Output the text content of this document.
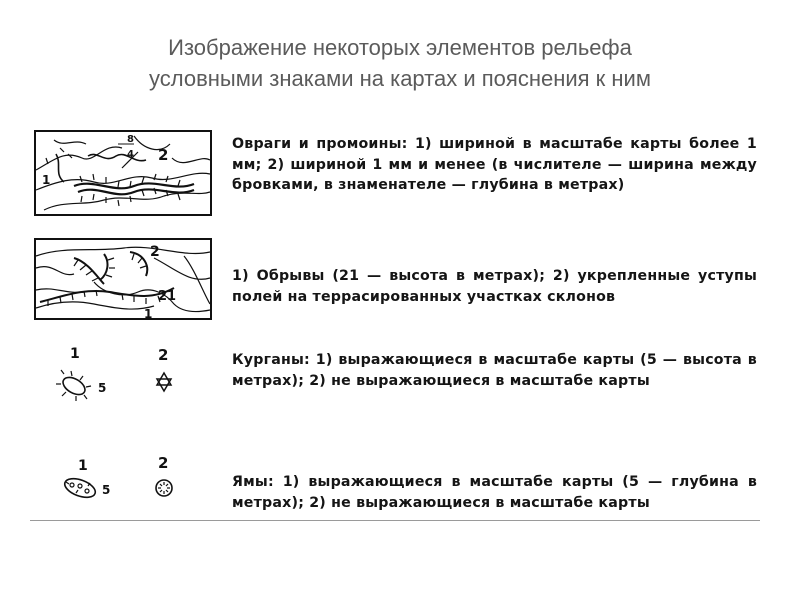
Изображение некоторых элементов рельефа
условными знаками на картах и пояснения к ним
1
2
8
4
Овраги и промоины: 1) шириной в масштабе карты более 1 мм; 2) шириной 1 мм и менее (в числителе — ширина между бровками, в знаменателе — глубина в метрах)
1
2
21
1) Обрывы (21 — высота в метрах); 2) укрепленные уступы полей на террасированных участках склонов
1	2
5
Курганы: 1) выражающиеся в масштабе карты (5 — высота в метрах); 2) не выражающиеся в масштабе карты
1	2
5	Ямы: 1) выражающиеся в масштабе карты (5 — глубина в метрах); 2) не выражающиеся в масштабе карты
